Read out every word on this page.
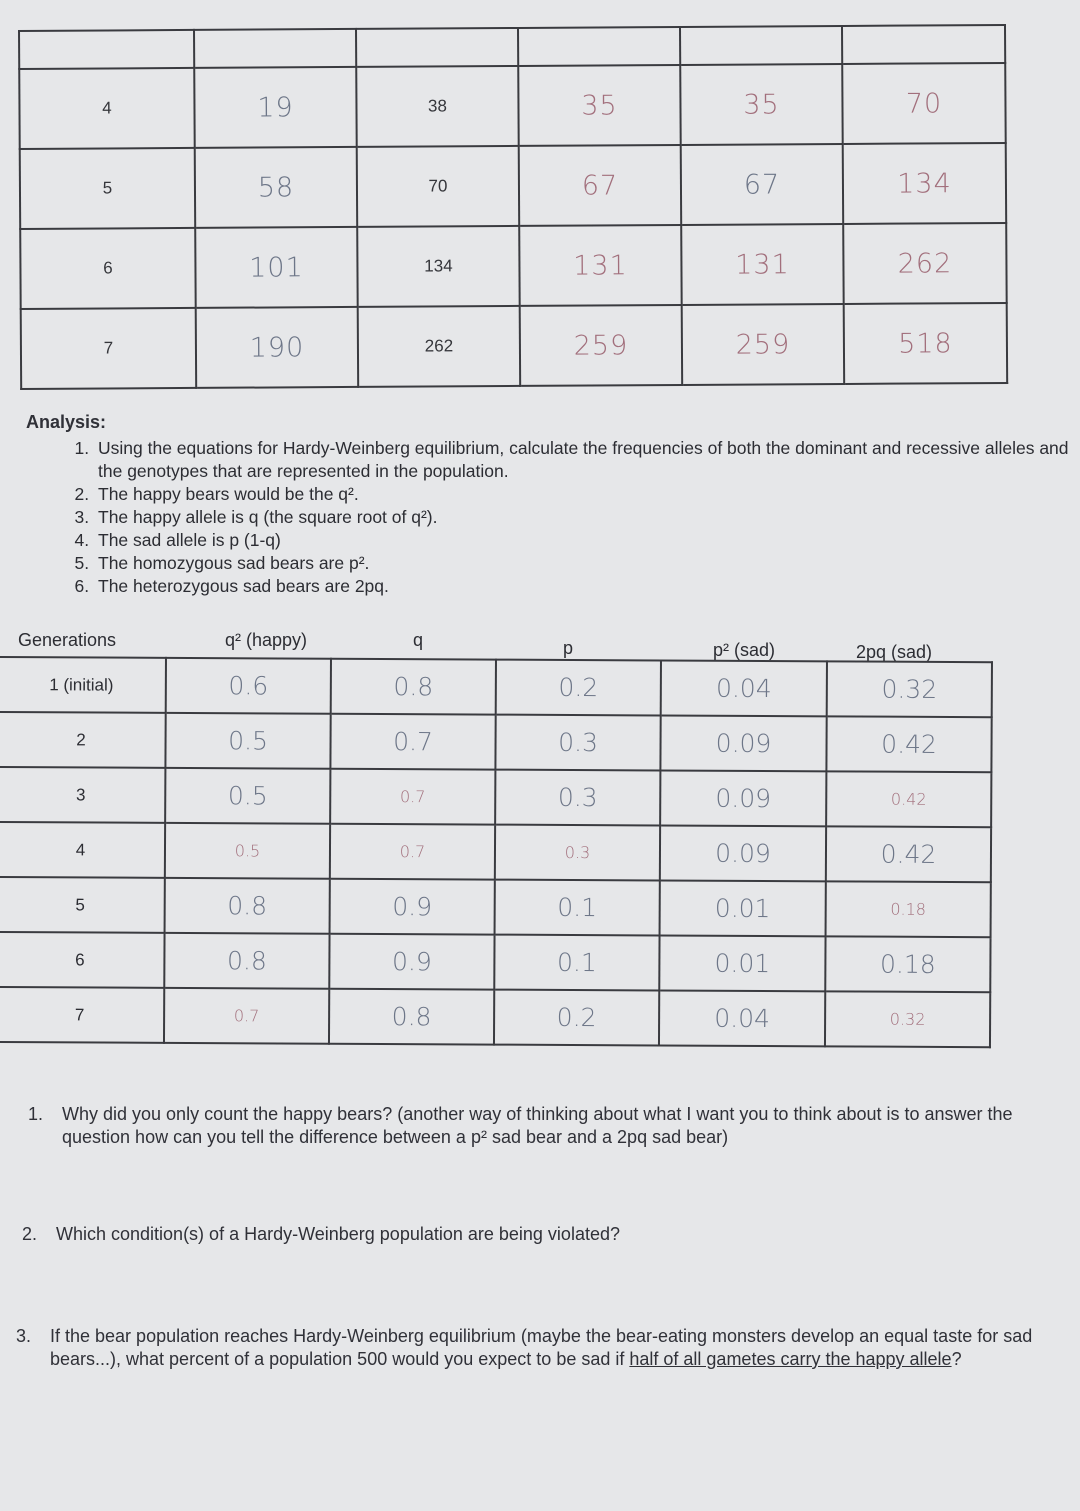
4	19	38	35	35	70
5	58	70	67	67	134
6	101	134	131	131	262
7	190	262	259	259	518
Analysis:
1. Using the equations for Hardy-Weinberg equilibrium, calculate the frequencies of both the dominant and recessive alleles and the genotypes that are represented in the population.
2. The happy bears would be the q².
3. The happy allele is q (the square root of q²).
4. The sad allele is p (1-q)
5. The homozygous sad bears are p².
6. The heterozygous sad bears are 2pq.
Generations	q² (happy)	q	p	p² (sad)	2pq (sad)
1 (initial)	0.6	0.8	0.2	0.04	0.32
2	0.5	0.7	0.3	0.09	0.42
3	0.5	0.7	0.3	0.09	0.42
4	0.5	0.7	0.3	0.09	0.42
5	0.8	0.9	0.1	0.01	0.18
6	0.8	0.9	0.1	0.01	0.18
7	0.7	0.8	0.2	0.04	0.32
1. Why did you only count the happy bears? (another way of thinking about what I want you to think about is to answer the question how can you tell the difference between a p² sad bear and a 2pq sad bear)
2. Which condition(s) of a Hardy-Weinberg population are being violated?
3. If the bear population reaches Hardy-Weinberg equilibrium (maybe the bear-eating monsters develop an equal taste for sad bears...), what percent of a population 500 would you expect to be sad if half of all gametes carry the happy allele?
